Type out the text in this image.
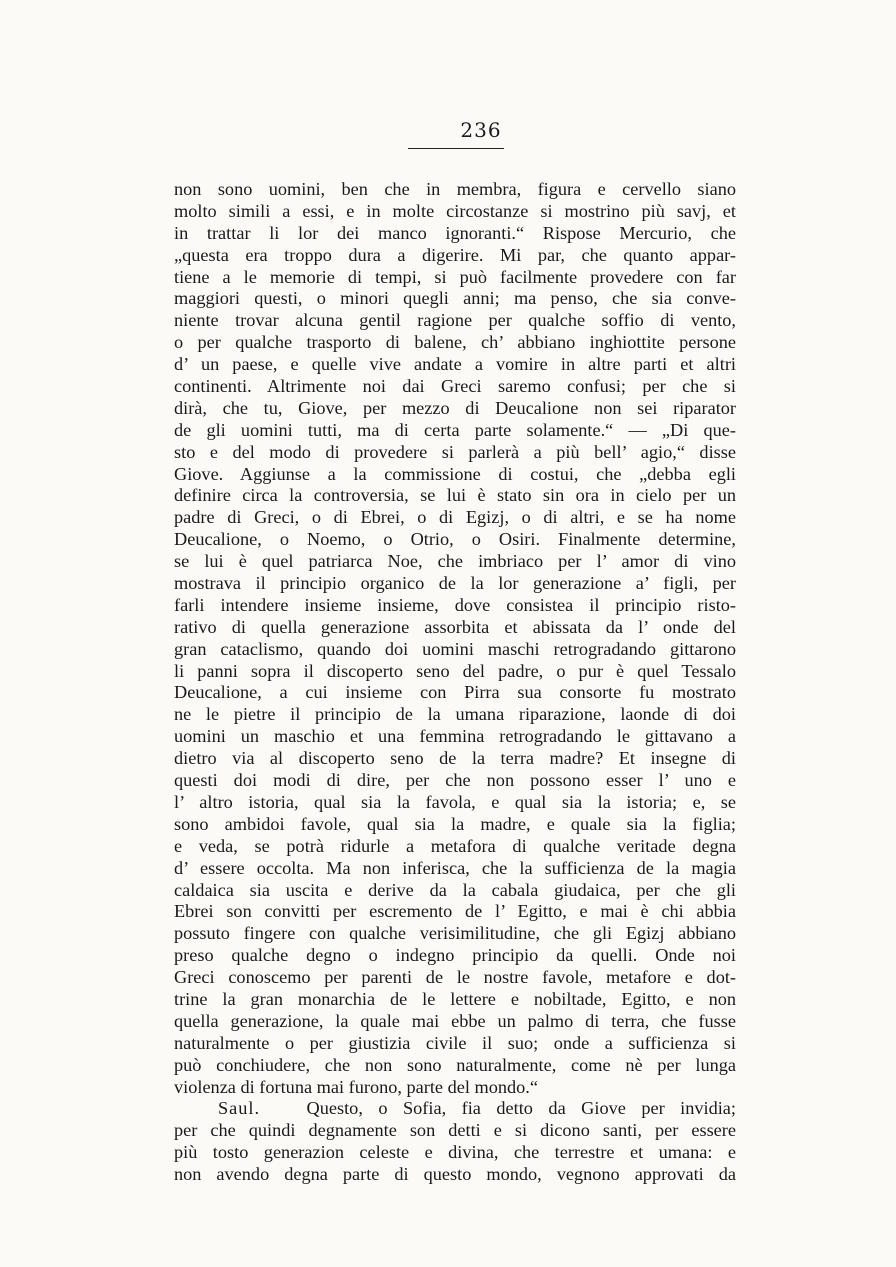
236
non sono uomini, ben che in membra, figura e cervello siano
molto simili a essi, e in molte circostanze si mostrino più savj, et
in trattar li lor dei manco ignoranti.“ Rispose Mercurio, che
„questa era troppo dura a digerire. Mi par, che quanto appar-
tiene a le memorie di tempi, si può facilmente provedere con far
maggiori questi, o minori quegli anni; ma penso, che sia conve-
niente trovar alcuna gentil ragione per qualche soffio di vento,
o per qualche trasporto di balene, ch’ abbiano inghiottite persone
d’ un paese, e quelle vive andate a vomire in altre parti et altri
continenti. Altrimente noi dai Greci saremo confusi; per che si
dirà, che tu, Giove, per mezzo di Deucalione non sei riparator
de gli uomini tutti, ma di certa parte solamente.“ — „Di que-
sto e del modo di provedere si parlerà a più bell’ agio,“ disse
Giove. Aggiunse a la commissione di costui, che „debba egli
definire circa la controversia, se lui è stato sin ora in cielo per un
padre di Greci, o di Ebrei, o di Egizj, o di altri, e se ha nome
Deucalione, o Noemo, o Otrio, o Osiri. Finalmente determine,
se lui è quel patriarca Noe, che imbriaco per l’ amor di vino
mostrava il principio organico de la lor generazione a’ figli, per
farli intendere insieme insieme, dove consistea il principio risto-
rativo di quella generazione assorbita et abissata da l’ onde del
gran cataclismo, quando doi uomini maschi retrogradando gittarono
li panni sopra il discoperto seno del padre, o pur è quel Tessalo
Deucalione, a cui insieme con Pirra sua consorte fu mostrato
ne le pietre il principio de la umana riparazione, laonde di doi
uomini un maschio et una femmina retrogradando le gittavano a
dietro via al discoperto seno de la terra madre? Et insegne di
questi doi modi di dire, per che non possono esser l’ uno e
l’ altro istoria, qual sia la favola, e qual sia la istoria; e, se
sono ambidoi favole, qual sia la madre, e quale sia la figlia;
e veda, se potrà ridurle a metafora di qualche veritade degna
d’ essere occolta. Ma non inferisca, che la sufficienza de la magia
caldaica sia uscita e derive da la cabala giudaica, per che gli
Ebrei son convitti per escremento de l’ Egitto, e mai è chi abbia
possuto fingere con qualche verisimilitudine, che gli Egizj abbiano
preso qualche degno o indegno principio da quelli. Onde noi
Greci conoscemo per parenti de le nostre favole, metafore e dot-
trine la gran monarchia de le lettere e nobiltade, Egitto, e non
quella generazione, la quale mai ebbe un palmo di terra, che fusse
naturalmente o per giustizia civile il suo; onde a sufficienza si
può conchiudere, che non sono naturalmente, come nè per lunga
violenza di fortuna mai furono, parte del mondo.“
Saul.	Questo, o Sofia, fia detto da Giove per invidia;
per che quindi degnamente son detti e si dicono santi, per essere
più tosto generazion celeste e divina, che terrestre et umana: e
non avendo degna parte di questo mondo, vegnono approvati da
